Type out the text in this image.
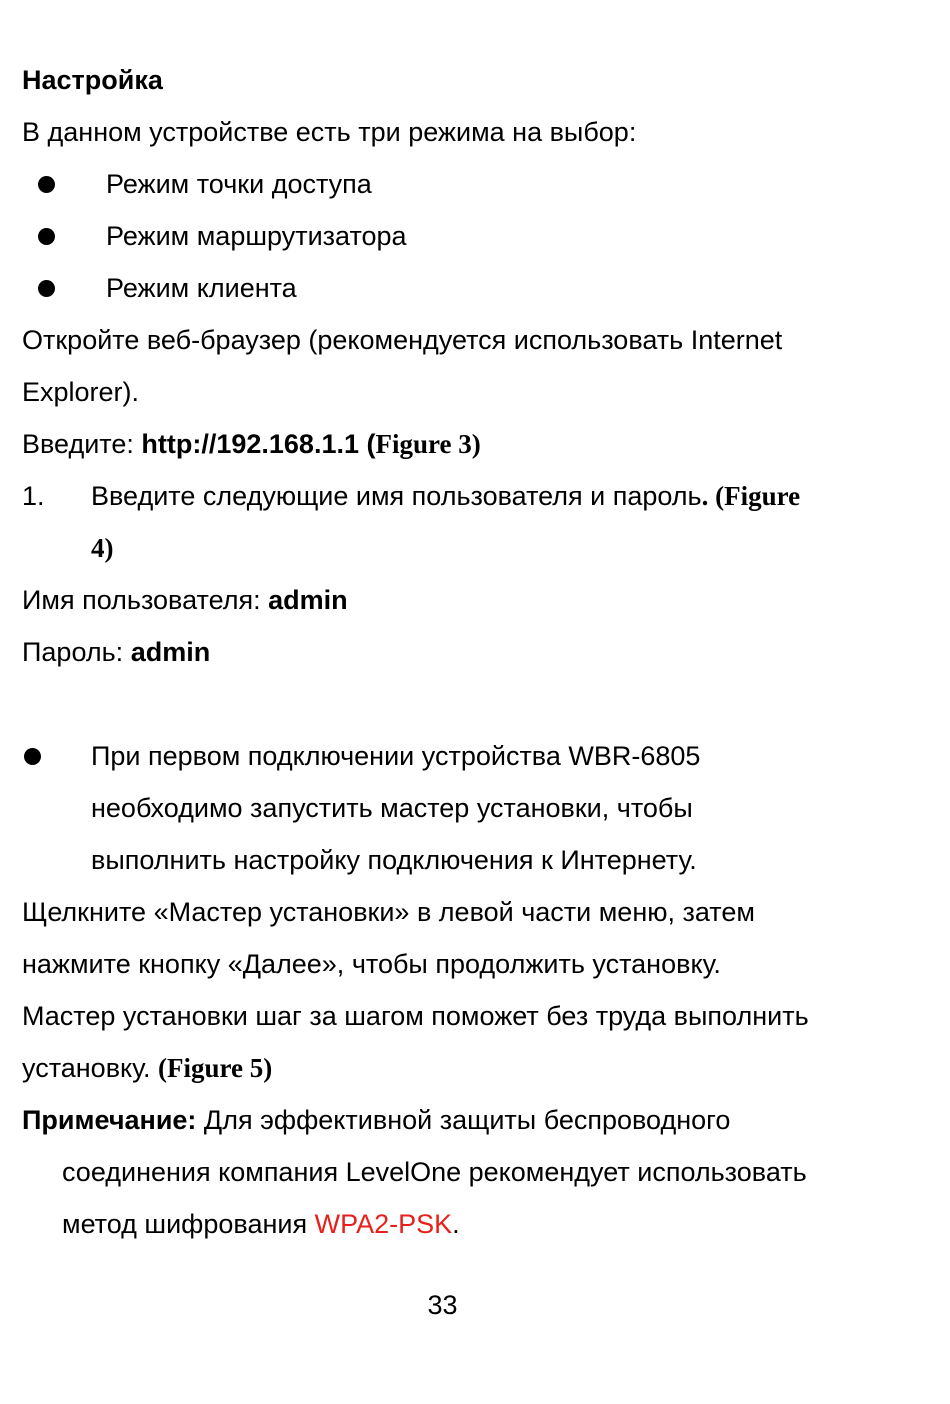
Настройка
В данном устройстве есть три режима на выбор:
Режим точки доступа
Режим маршрутизатора
Режим клиента
Откройте веб-браузер (рекомендуется использовать Internet
Explorer).
Введите: http://192.168.1.1 (Figure 3)
1. Введите следующие имя пользователя и пароль. (Figure
4)
Имя пользователя: admin
Пароль: admin
При первом подключении устройства WBR-6805
необходимо запустить мастер установки, чтобы
выполнить настройку подключения к Интернету.
Щелкните «Мастер установки» в левой части меню, затем
нажмите кнопку «Далее», чтобы продолжить установку.
Мастер установки шаг за шагом поможет без труда выполнить
установку. (Figure 5)
Примечание: Для эффективной защиты беспроводного
соединения компания LevelOne рекомендует использовать
метод шифрования WPA2-PSK.
33
